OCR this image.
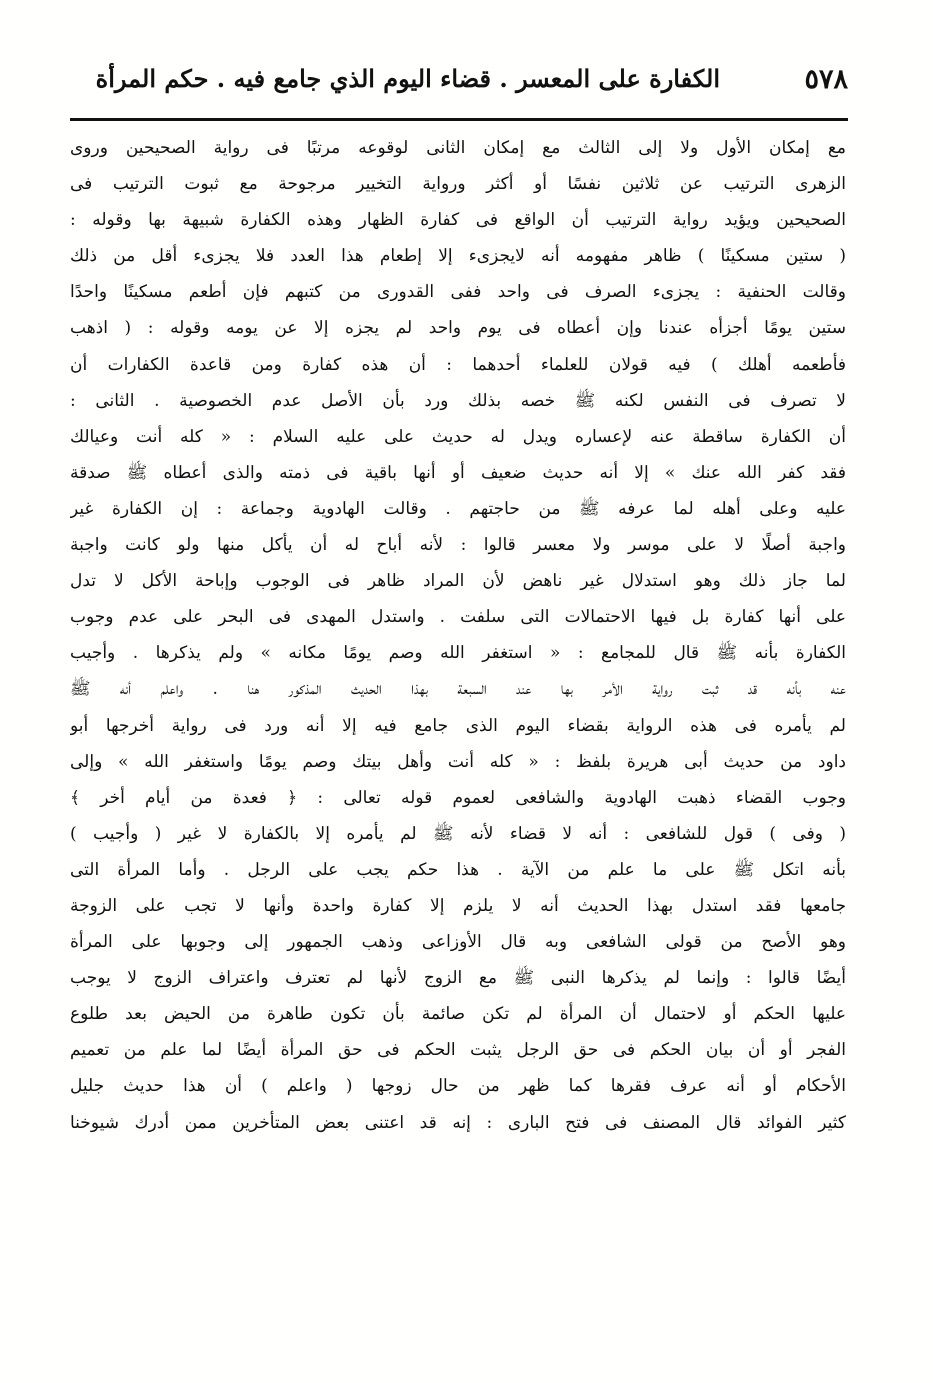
٥٧٨
الكفارة على المعسر . قضاء اليوم الذي جامع فيه . حكم المرأة
مع إمكان الأول ولا إلى الثالث مع إمكان الثانى لوقوعه مرتبًا فى رواية الصحيحين وروى
الزهرى الترتيب عن ثلاثين نفسًا أو أكثر ورواية التخيير مرجوحة مع ثبوت الترتيب فى
الصحيحين ويؤيد رواية الترتيب أن الواقع فى كفارة الظهار وهذه الكفارة شبيهة بها وقوله :
( ستين مسكينًا ) ظاهر مفهومه أنه لايجزىء إلا إطعام هذا العدد فلا يجزىء أقل من ذلك
وقالت الحنفية : يجزىء الصرف فى واحد ففى القدورى من كتبهم فإن أطعم مسكينًا واحدًا
ستين يومًا أجزأه عندنا وإن أعطاه فى يوم واحد لم يجزه إلا عن يومه وقوله : ( اذهب
فأطعمه أهلك ) فيه قولان للعلماء أحدهما : أن هذه كفارة ومن قاعدة الكفارات أن
لا تصرف فى النفس لكنه ﷺ خصه بذلك ورد بأن الأصل عدم الخصوصية . الثانى :
أن الكفارة ساقطة عنه لإعساره ويدل له حديث على عليه السلام : « كله أنت وعيالك
فقد كفر الله عنك » إلا أنه حديث ضعيف أو أنها باقية فى ذمته والذى أعطاه ﷺ صدقة
عليه وعلى أهله لما عرفه ﷺ من حاجتهم . وقالت الهادوية وجماعة : إن الكفارة غير
واجبة أصلًا لا على موسر ولا معسر قالوا : لأنه أباح له أن يأكل منها ولو كانت واجبة
لما جاز ذلك وهو استدلال غير ناهض لأن المراد ظاهر فى الوجوب وإباحة الأكل لا تدل
على أنها كفارة بل فيها الاحتمالات التى سلفت . واستدل المهدى فى البحر على عدم وجوب
الكفارة بأنه ﷺ قال للمجامع : « استغفر الله وصم يومًا مكانه » ولم يذكرها . وأجيب
عنه بأنه قد ثبت رواية الأمر بها عند السبعة بهذا الحديث المذكور هنا . واعلم أنه ﷺ
لم يأمره فى هذه الرواية بقضاء اليوم الذى جامع فيه إلا أنه ورد فى رواية أخرجها أبو
داود من حديث أبى هريرة بلفظ : « كله أنت وأهل بيتك وصم يومًا واستغفر الله » وإلى
وجوب القضاء ذهبت الهادوية والشافعى لعموم قوله تعالى : ﴿ فعدة من أيام أخر ﴾
( وفى ) قول للشافعى : أنه لا قضاء لأنه ﷺ لم يأمره إلا بالكفارة لا غير ( وأجيب )
بأنه اتكل ﷺ على ما علم من الآية . هذا حكم يجب على الرجل . وأما المرأة التى
جامعها فقد استدل بهذا الحديث أنه لا يلزم إلا كفارة واحدة وأنها لا تجب على الزوجة
وهو الأصح من قولى الشافعى وبه قال الأوزاعى وذهب الجمهور إلى وجوبها على المرأة
أيضًا قالوا : وإنما لم يذكرها النبى ﷺ مع الزوج لأنها لم تعترف واعتراف الزوج لا يوجب
عليها الحكم أو لاحتمال أن المرأة لم تكن صائمة بأن تكون طاهرة من الحيض بعد طلوع
الفجر أو أن بيان الحكم فى حق الرجل يثبت الحكم فى حق المرأة أيضًا لما علم من تعميم
الأحكام أو أنه عرف فقرها كما ظهر من حال زوجها ( واعلم ) أن هذا حديث جليل
كثير الفوائد قال المصنف فى فتح البارى : إنه قد اعتنى بعض المتأخرين ممن أدرك شيوخنا
